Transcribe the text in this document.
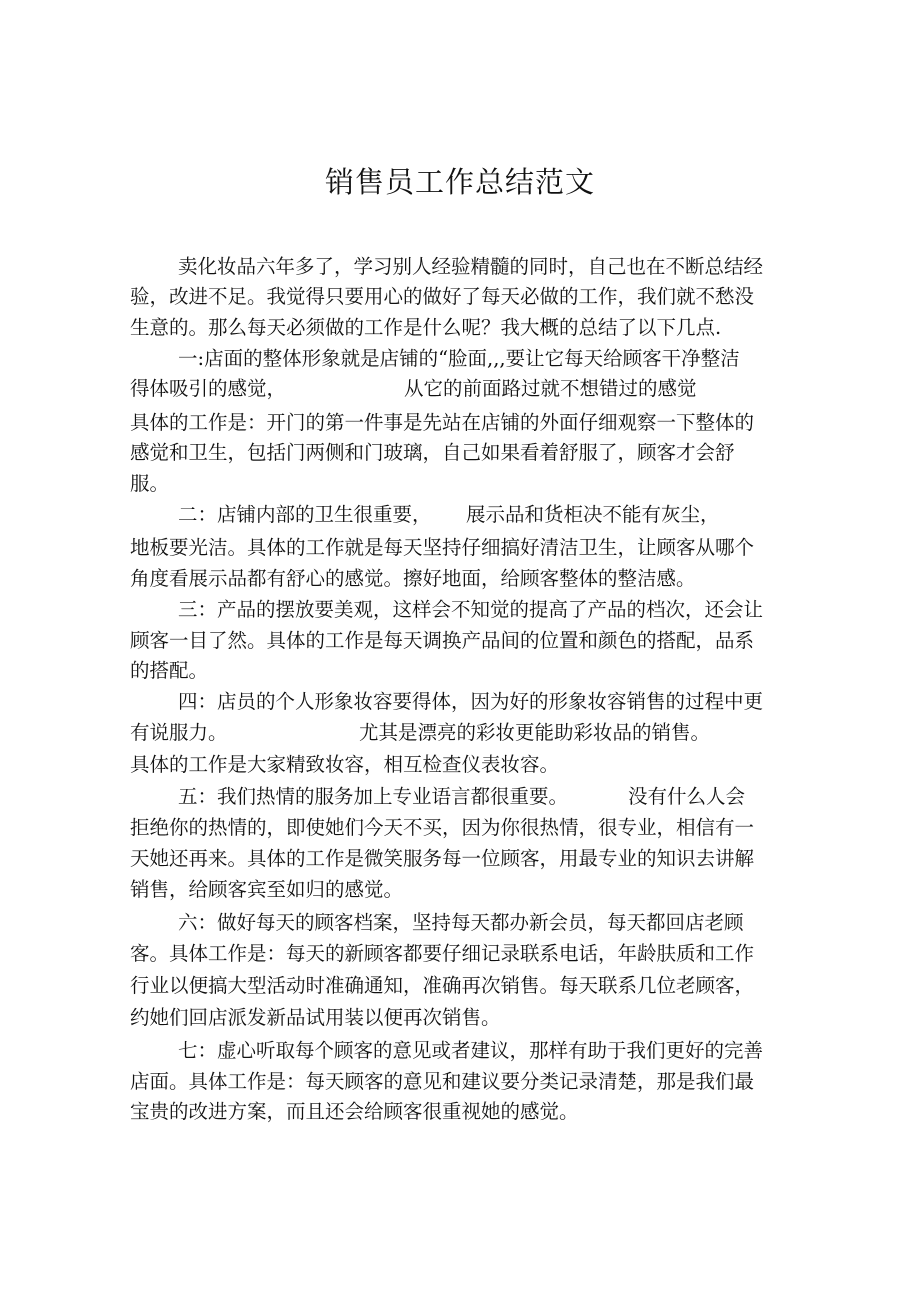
销售员工作总结范文
卖化妆品六年多了，学习别人经验精髓的同时，自己也在不断总结经
验，改进不足。我觉得只要用心的做好了每天必做的工作，我们就不愁没
生意的。那么每天必须做的工作是什么呢？我大概的总结了以下几点.
一:店面的整体形象就是店铺的“脸面,,,要让它每天给顾客干净整洁
得体吸引的感觉，	从它的前面路过就不想错过的感觉
具体的工作是：开门的第一件事是先站在店铺的外面仔细观察一下整体的
感觉和卫生，包括门两侧和门玻璃，自己如果看着舒服了，顾客才会舒
服。
二：店铺内部的卫生很重要， 展示品和货柜决不能有灰尘，
地板要光洁。具体的工作就是每天坚持仔细搞好清洁卫生，让顾客从哪个
角度看展示品都有舒心的感觉。擦好地面，给顾客整体的整洁感。
三：产品的摆放要美观，这样会不知觉的提高了产品的档次，还会让
顾客一目了然。具体的工作是每天调换产品间的位置和颜色的搭配，品系
的搭配。
四：店员的个人形象妆容要得体，因为好的形象妆容销售的过程中更
有说服力。	尤其是漂亮的彩妆更能助彩妆品的销售。
具体的工作是大家精致妆容，相互检查仪表妆容。
五：我们热情的服务加上专业语言都很重要。	没有什么人会
拒绝你的热情的，即使她们今天不买，因为你很热情，很专业，相信有一
天她还再来。具体的工作是微笑服务每一位顾客，用最专业的知识去讲解
销售，给顾客宾至如归的感觉。
六：做好每天的顾客档案，坚持每天都办新会员，每天都回店老顾
客。具体工作是：每天的新顾客都要仔细记录联系电话，年龄肤质和工作
行业以便搞大型活动时准确通知，准确再次销售。每天联系几位老顾客，
约她们回店派发新品试用装以便再次销售。
七：虚心听取每个顾客的意见或者建议，那样有助于我们更好的完善
店面。具体工作是：每天顾客的意见和建议要分类记录清楚，那是我们最
宝贵的改进方案，而且还会给顾客很重视她的感觉。
